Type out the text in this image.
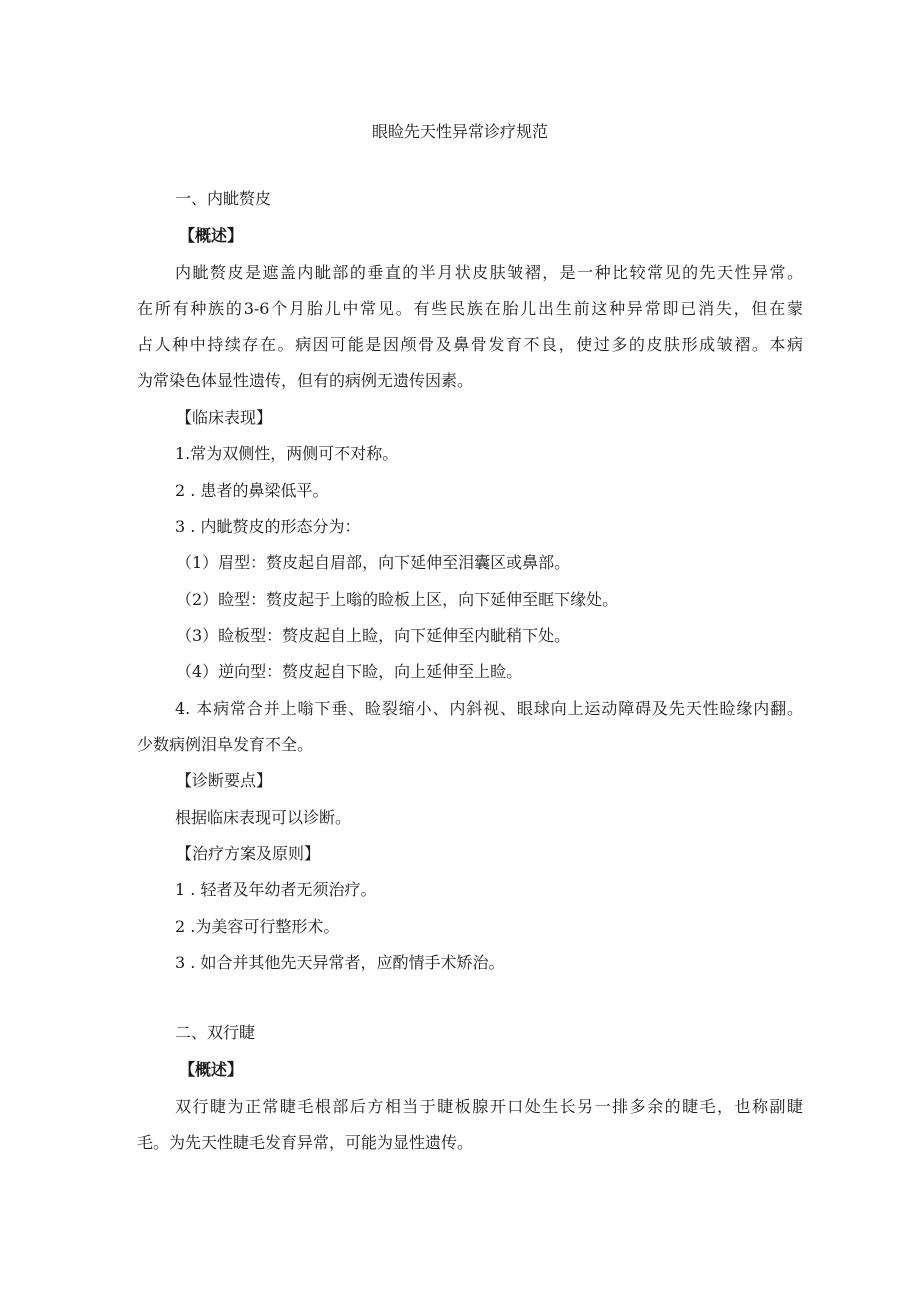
眼睑先天性异常诊疗规范
一、内眦赘皮
【概述】
内眦赘皮是遮盖内眦部的垂直的半月状皮肤皱褶，是一种比较常见的先天性异常。
在所有种族的3-6个月胎儿中常见。有些民族在胎儿出生前这种异常即已消失，但在蒙
占人种中持续存在。病因可能是因颅骨及鼻骨发育不良，使过多的皮肤形成皱褶。本病
为常染色体显性遗传，但有的病例无遗传因素。
【临床表现】
1.常为双侧性，两侧可不对称。
2 . 患者的鼻梁低平。
3 . 内眦赘皮的形态分为：
（1）眉型：赘皮起自眉部，向下延伸至泪囊区或鼻部。
（2）睑型：赘皮起于上嗡的睑板上区，向下延伸至眶下缘处。
（3）睑板型：赘皮起自上睑，向下延伸至内眦稍下处。
（4）逆向型：赘皮起自下睑，向上延伸至上睑。
4. 本病常合并上嗡下垂、睑裂缩小、内斜视、眼球向上运动障碍及先天性睑缘内翻。
少数病例泪阜发育不全。
【诊断要点】
根据临床表现可以诊断。
【治疗方案及原则】
1 . 轻者及年幼者无须治疗。
2 .为美容可行整形术。
3 . 如合并其他先天异常者，应酌情手术矫治。
二、双行睫
【概述】
双行睫为正常睫毛根部后方相当于睫板腺开口处生长另一排多余的睫毛，也称副睫
毛。为先天性睫毛发育异常，可能为显性遗传。
